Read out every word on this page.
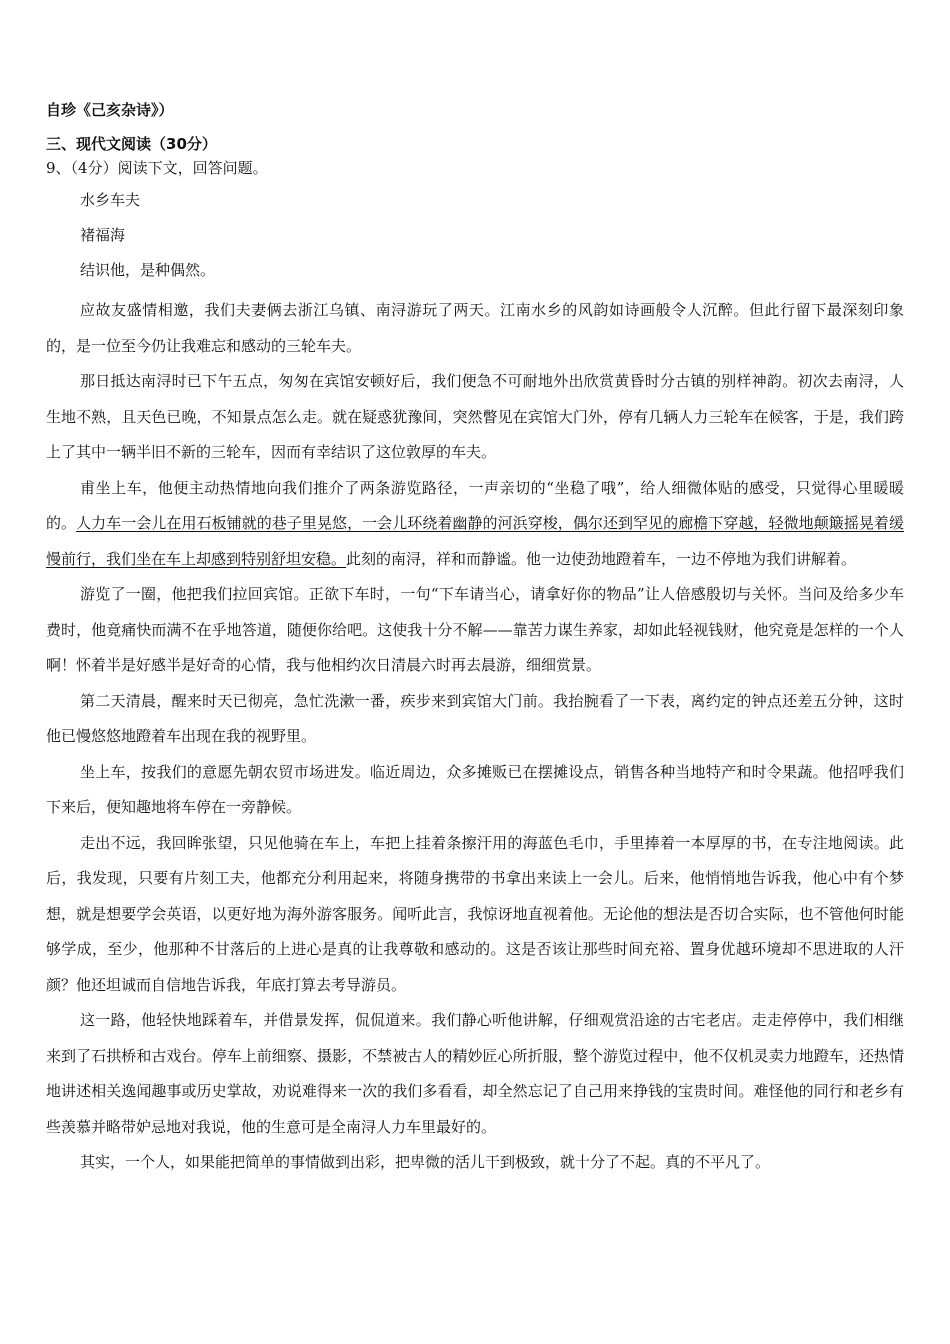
自珍《己亥杂诗》）

三、现代文阅读（30分）

9、（4分）阅读下文，回答问题。

水乡车夫

褚福海

结识他，是种偶然。

应故友盛情相邀，我们夫妻俩去浙江乌镇、南浔游玩了两天。江南水乡的风韵如诗画般令人沉醉。但此行留下最深刻印象的，是一位至今仍让我难忘和感动的三轮车夫。

那日抵达南浔时已下午五点，匆匆在宾馆安顿好后，我们便急不可耐地外出欣赏黄昏时分古镇的别样神韵。初次去南浔，人生地不熟，且天色已晚，不知景点怎么走。就在疑惑犹豫间，突然瞥见在宾馆大门外，停有几辆人力三轮车在候客，于是，我们跨上了其中一辆半旧不新的三轮车，因而有幸结识了这位敦厚的车夫。

甫坐上车，他便主动热情地向我们推介了两条游览路径，一声亲切的“坐稳了哦”，给人细微体贴的感受，只觉得心里暖暖的。人力车一会儿在用石板铺就的巷子里晃悠，一会儿环绕着幽静的河浜穿梭，偶尔还到罕见的廊檐下穿越，轻微地颠簸摇晃着缓慢前行，我们坐在车上却感到特别舒坦安稳。此刻的南浔，祥和而静谧。他一边使劲地蹬着车，一边不停地为我们讲解着。

游览了一圈，他把我们拉回宾馆。正欲下车时，一句“下车请当心，请拿好你的物品”让人倍感殷切与关怀。当问及给多少车费时，他竟痛快而满不在乎地答道，随便你给吧。这使我十分不解——靠苦力谋生养家，却如此轻视钱财，他究竟是怎样的一个人啊！怀着半是好感半是好奇的心情，我与他相约次日清晨六时再去晨游，细细赏景。

第二天清晨，醒来时天已彻亮，急忙洗漱一番，疾步来到宾馆大门前。我抬腕看了一下表，离约定的钟点还差五分钟，这时他已慢悠悠地蹬着车出现在我的视野里。

坐上车，按我们的意愿先朝农贸市场进发。临近周边，众多摊贩已在摆摊设点，销售各种当地特产和时令果蔬。他招呼我们下来后，便知趣地将车停在一旁静候。

走出不远，我回眸张望，只见他骑在车上，车把上挂着条擦汗用的海蓝色毛巾，手里捧着一本厚厚的书，在专注地阅读。此后，我发现，只要有片刻工夫，他都充分利用起来，将随身携带的书拿出来读上一会儿。后来，他悄悄地告诉我，他心中有个梦想，就是想要学会英语，以更好地为海外游客服务。闻听此言，我惊讶地直视着他。无论他的想法是否切合实际，也不管他何时能够学成，至少，他那种不甘落后的上进心是真的让我尊敬和感动的。这是否该让那些时间充裕、置身优越环境却不思进取的人汗颜？他还坦诚而自信地告诉我，年底打算去考导游员。

这一路，他轻快地踩着车，并借景发挥，侃侃道来。我们静心听他讲解，仔细观赏沿途的古宅老店。走走停停中，我们相继来到了石拱桥和古戏台。停车上前细察、摄影，不禁被古人的精妙匠心所折服，整个游览过程中，他不仅机灵卖力地蹬车，还热情地讲述相关逸闻趣事或历史掌故，劝说难得来一次的我们多看看，却全然忘记了自己用来挣钱的宝贵时间。难怪他的同行和老乡有些羡慕并略带妒忌地对我说，他的生意可是全南浔人力车里最好的。

其实，一个人，如果能把简单的事情做到出彩，把卑微的活儿干到极致，就十分了不起。真的不平凡了。
